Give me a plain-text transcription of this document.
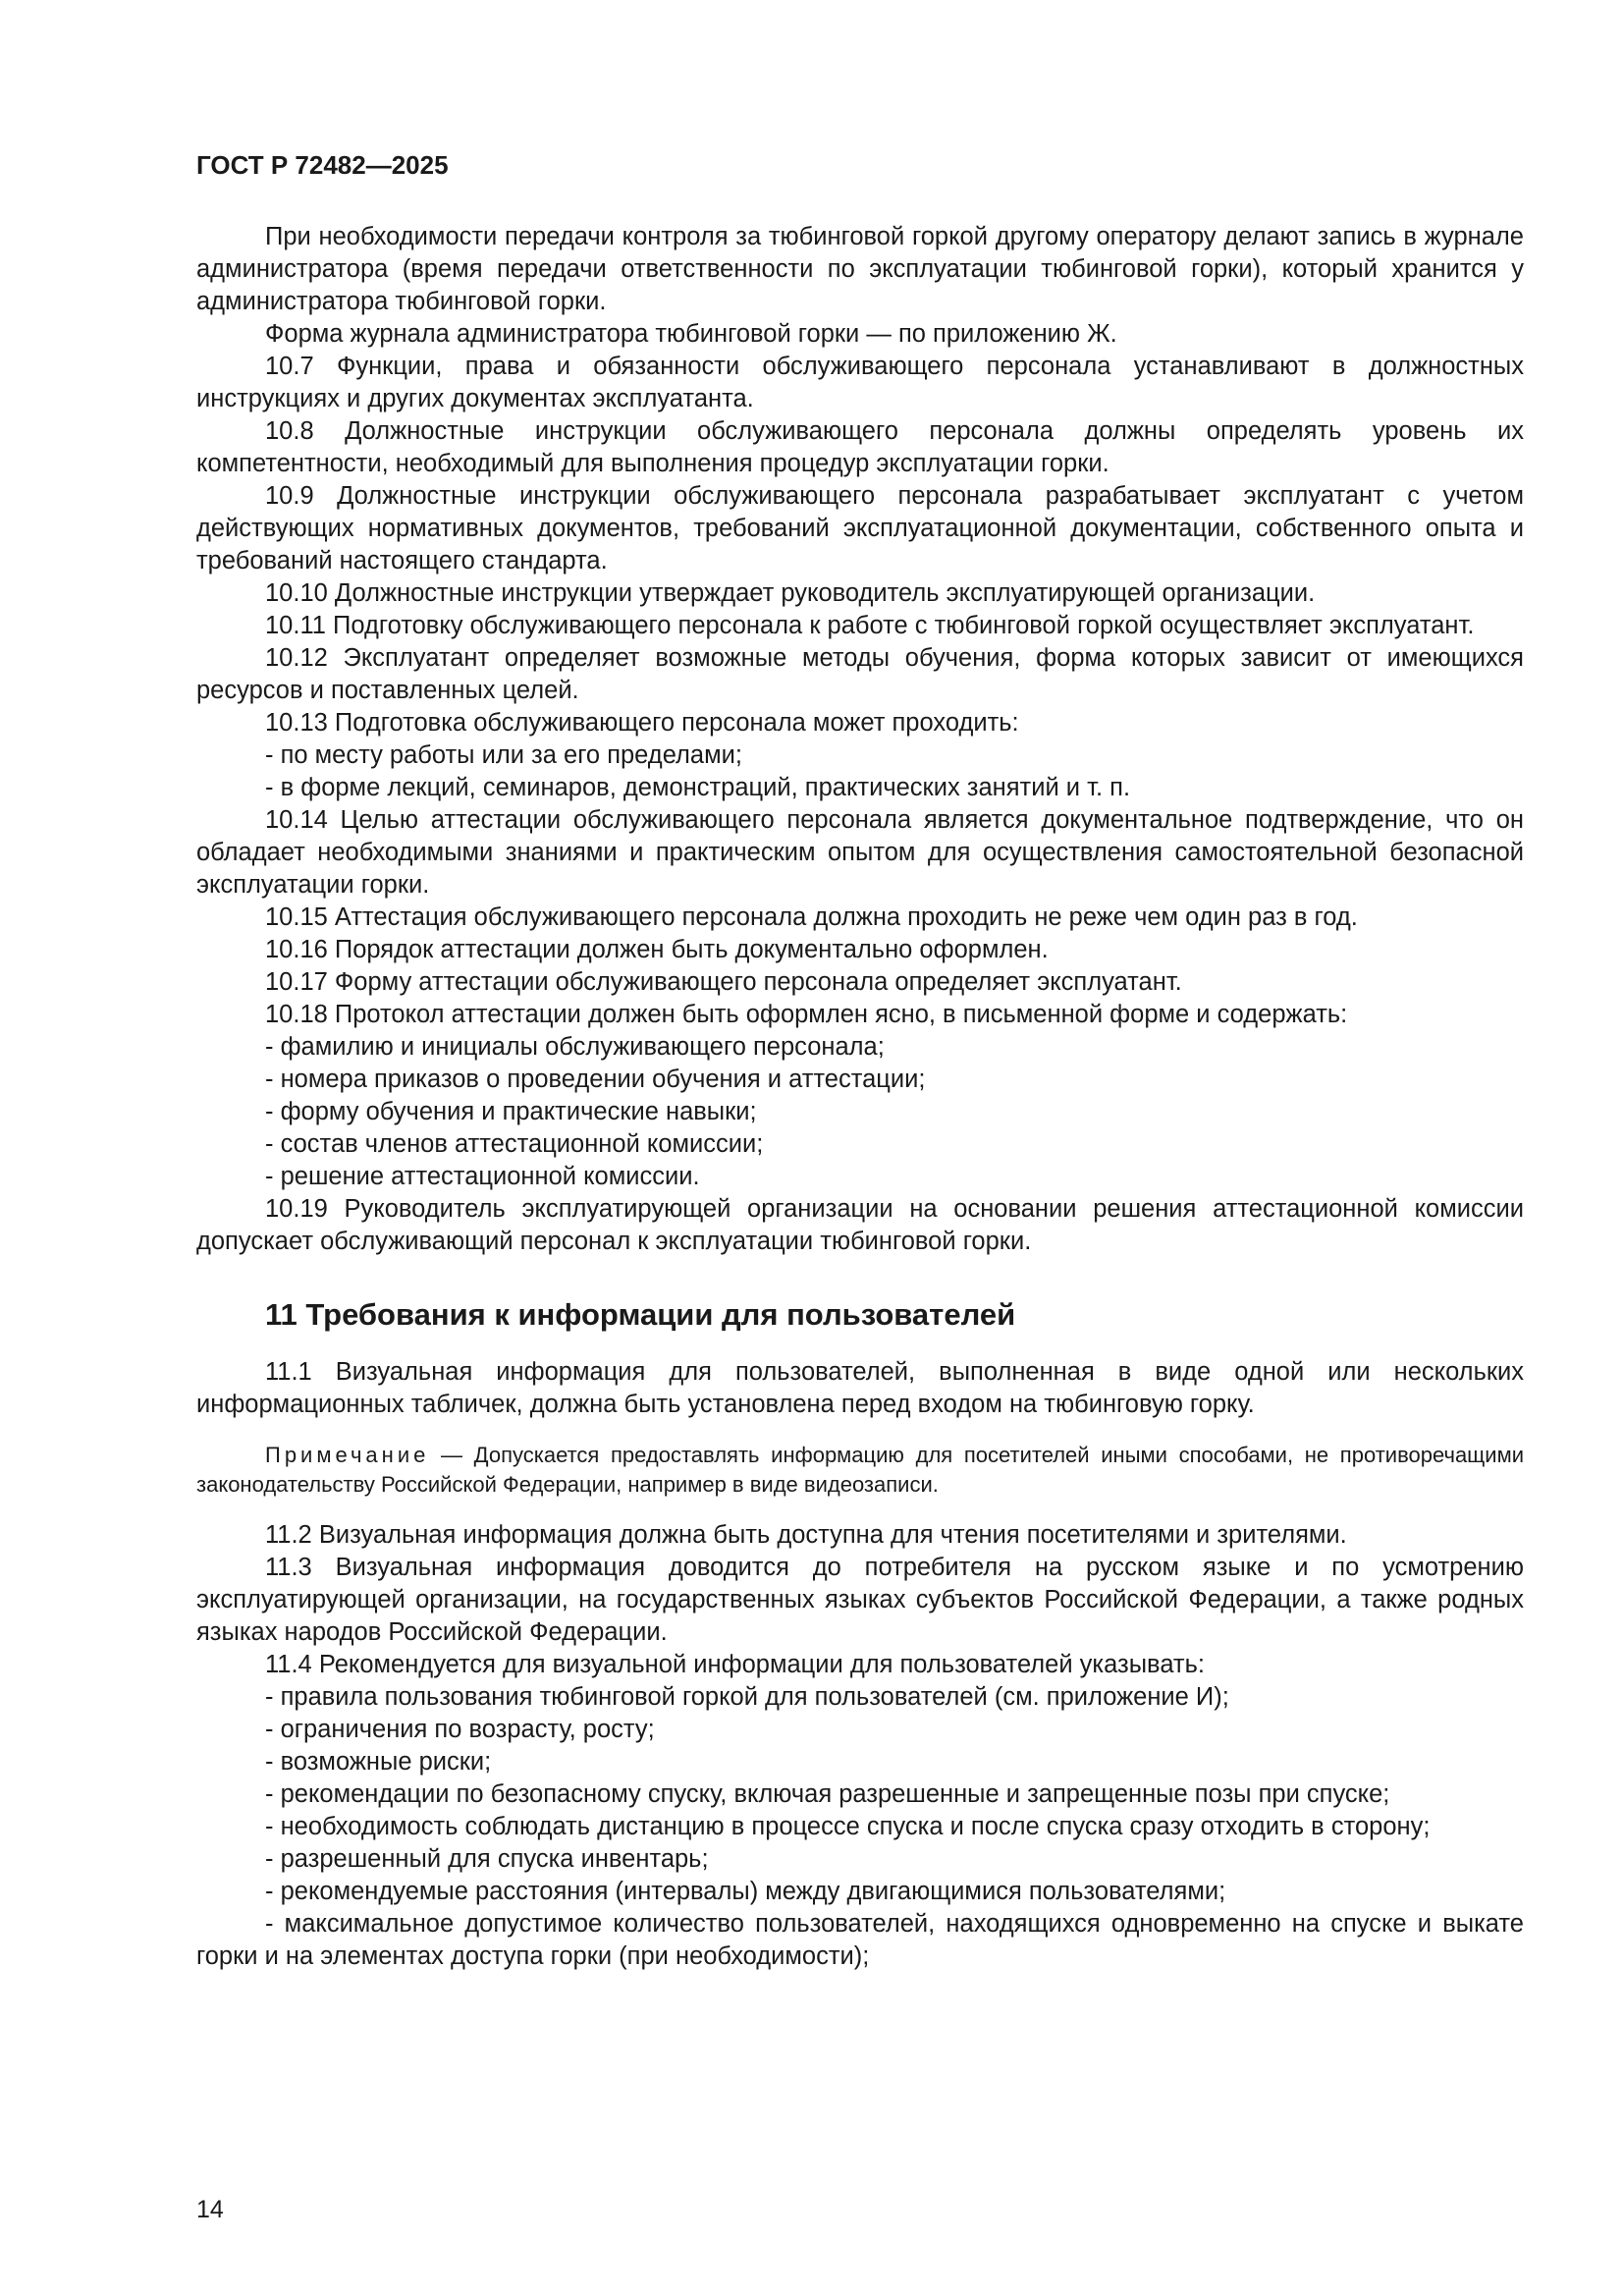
ГОСТ Р 72482—2025

При необходимости передачи контроля за тюбинговой горкой другому оператору делают запись в журнале администратора (время передачи ответственности по эксплуатации тюбинговой горки), который хранится у администратора тюбинговой горки.

Форма журнала администратора тюбинговой горки — по приложению Ж.

10.7 Функции, права и обязанности обслуживающего персонала устанавливают в должностных инструкциях и других документах эксплуатанта.

10.8 Должностные инструкции обслуживающего персонала должны определять уровень их компетентности, необходимый для выполнения процедур эксплуатации горки.

10.9 Должностные инструкции обслуживающего персонала разрабатывает эксплуатант с учетом действующих нормативных документов, требований эксплуатационной документации, собственного опыта и требований настоящего стандарта.

10.10 Должностные инструкции утверждает руководитель эксплуатирующей организации.

10.11 Подготовку обслуживающего персонала к работе с тюбинговой горкой осуществляет эксплуатант.

10.12 Эксплуатант определяет возможные методы обучения, форма которых зависит от имеющихся ресурсов и поставленных целей.

10.13 Подготовка обслуживающего персонала может проходить:

- по месту работы или за его пределами;

- в форме лекций, семинаров, демонстраций, практических занятий и т. п.

10.14 Целью аттестации обслуживающего персонала является документальное подтверждение, что он обладает необходимыми знаниями и практическим опытом для осуществления самостоятельной безопасной эксплуатации горки.

10.15 Аттестация обслуживающего персонала должна проходить не реже чем один раз в год.

10.16 Порядок аттестации должен быть документально оформлен.

10.17 Форму аттестации обслуживающего персонала определяет эксплуатант.

10.18 Протокол аттестации должен быть оформлен ясно, в письменной форме и содержать:

- фамилию и инициалы обслуживающего персонала;

- номера приказов о проведении обучения и аттестации;

- форму обучения и практические навыки;

- состав членов аттестационной комиссии;

- решение аттестационной комиссии.

10.19 Руководитель эксплуатирующей организации на основании решения аттестационной комиссии допускает обслуживающий персонал к эксплуатации тюбинговой горки.

11 Требования к информации для пользователей

11.1 Визуальная информация для пользователей, выполненная в виде одной или нескольких информационных табличек, должна быть установлена перед входом на тюбинговую горку.

Примечание — Допускается предоставлять информацию для посетителей иными способами, не противоречащими законодательству Российской Федерации, например в виде видеозаписи.

11.2 Визуальная информация должна быть доступна для чтения посетителями и зрителями.

11.3 Визуальная информация доводится до потребителя на русском языке и по усмотрению эксплуатирующей организации, на государственных языках субъектов Российской Федерации, а также родных языках народов Российской Федерации.

11.4 Рекомендуется для визуальной информации для пользователей указывать:

- правила пользования тюбинговой горкой для пользователей (см. приложение И);

- ограничения по возрасту, росту;

- возможные риски;

- рекомендации по безопасному спуску, включая разрешенные и запрещенные позы при спуске;

- необходимость соблюдать дистанцию в процессе спуска и после спуска сразу отходить в сторону;

- разрешенный для спуска инвентарь;

- рекомендуемые расстояния (интервалы) между двигающимися пользователями;

- максимальное допустимое количество пользователей, находящихся одновременно на спуске и выкате горки и на элементах доступа горки (при необходимости);

14
